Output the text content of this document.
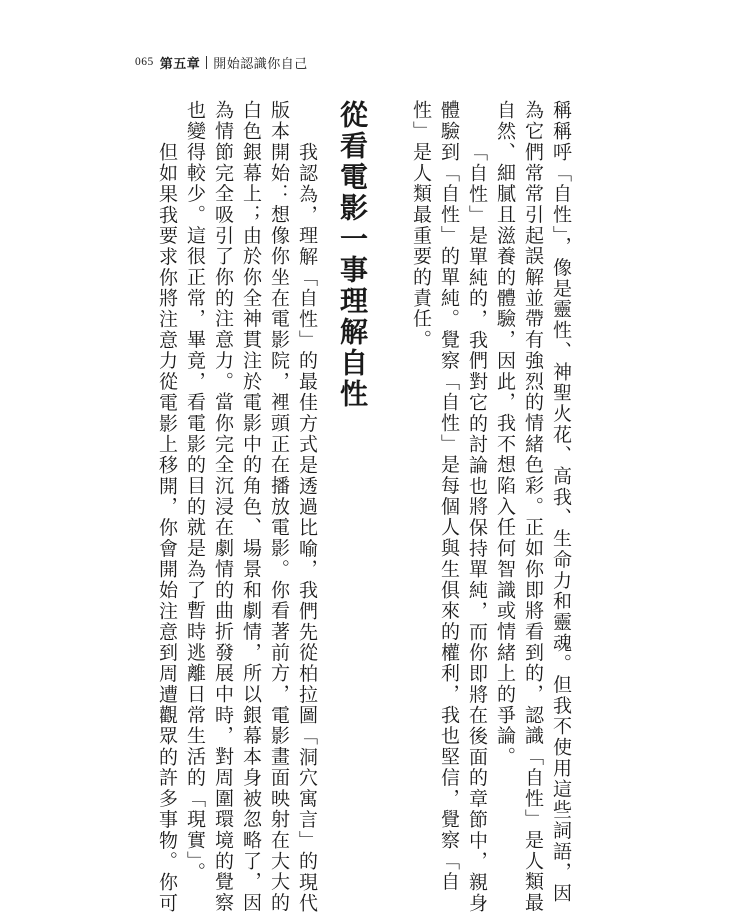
065 第五章 開始認識你自己
稱稱呼「自性」，像是靈性、神聖火花、高我、生命力和靈魂。但我不使用這些詞語，因
為它們常常引起誤解並帶有強烈的情緒色彩。正如你即將看到的，認識「自性」是人類最
自然、細膩且滋養的體驗，因此，我不想陷入任何智識或情緒上的爭論。
「自性」是單純的，我們對它的討論也將保持單純，而你即將在後面的章節中，親身
體驗到「自性」的單純。覺察「自性」是每個人與生俱來的權利，我也堅信，覺察「自
性」是人類最重要的責任。
從看電影一事理解自性
我認為，理解「自性」的最佳方式是透過比喻，我們先從柏拉圖「洞穴寓言」的現代
版本開始：想像你坐在電影院，裡頭正在播放電影。你看著前方，電影畫面映射在大大的
白色銀幕上；由於你全神貫注於電影中的角色、場景和劇情，所以銀幕本身被忽略了，因
為情節完全吸引了你的注意力。當你完全沉浸在劇情的曲折發展中時，對周圍環境的覺察
也變得較少。這很正常，畢竟，看電影的目的就是為了暫時逃離日常生活的「現實」。
但如果我要求你將注意力從電影上移開，你會開始注意到周遭觀眾的許多事物。你可
